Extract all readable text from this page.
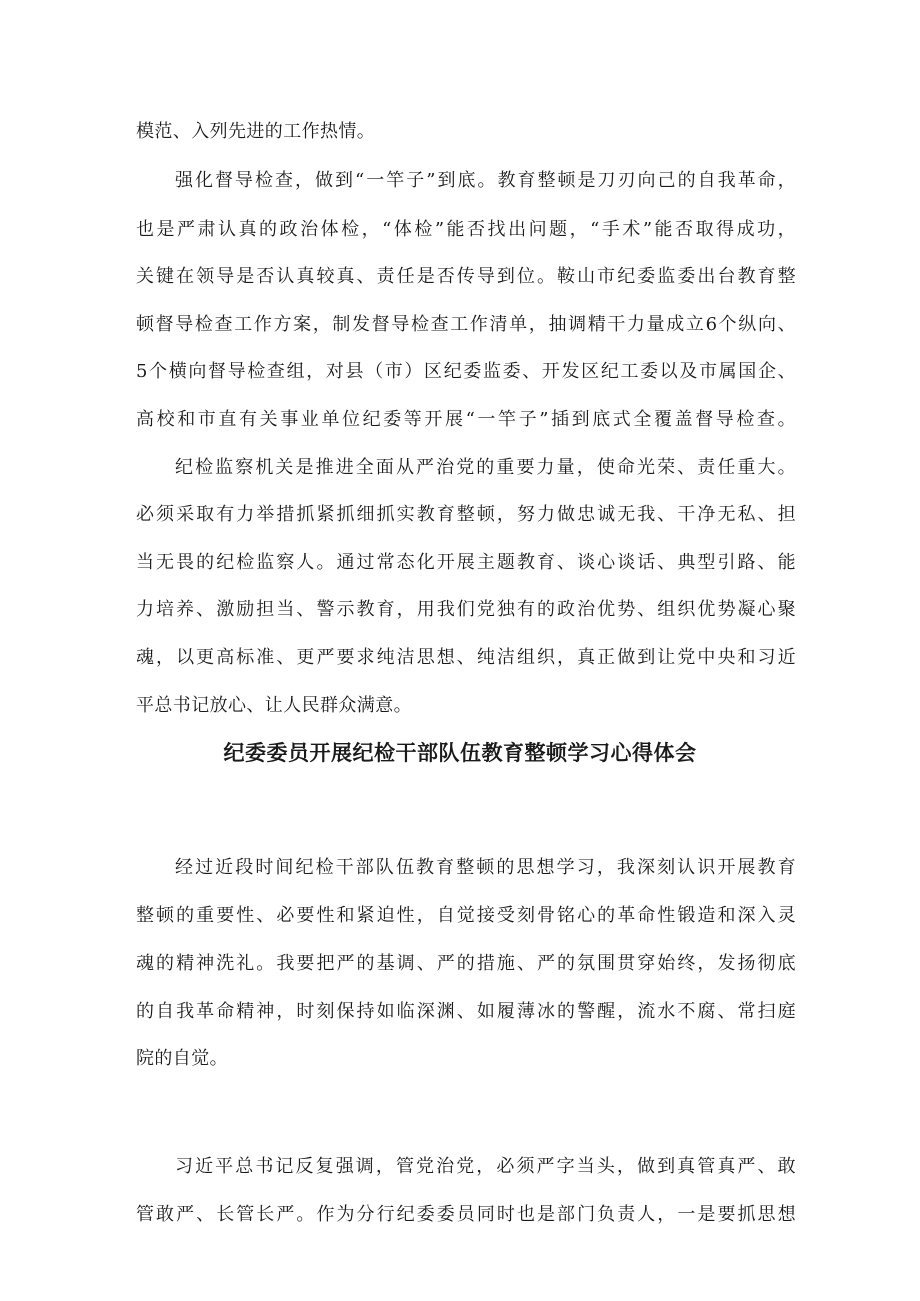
模范、入列先进的工作热情。
强化督导检查，做到“一竿子”到底。教育整顿是刀刃向己的自我革命，
也是严肃认真的政治体检，“体检”能否找出问题，“手术”能否取得成功，
关键在领导是否认真较真、责任是否传导到位。鞍山市纪委监委出台教育整
顿督导检查工作方案，制发督导检查工作清单，抽调精干力量成立6个纵向、
5个横向督导检查组，对县（市）区纪委监委、开发区纪工委以及市属国企、
高校和市直有关事业单位纪委等开展“一竿子”插到底式全覆盖督导检查。
纪检监察机关是推进全面从严治党的重要力量，使命光荣、责任重大。
必须采取有力举措抓紧抓细抓实教育整顿，努力做忠诚无我、干净无私、担
当无畏的纪检监察人。通过常态化开展主题教育、谈心谈话、典型引路、能
力培养、激励担当、警示教育，用我们党独有的政治优势、组织优势凝心聚
魂，以更高标准、更严要求纯洁思想、纯洁组织，真正做到让党中央和习近
平总书记放心、让人民群众满意。
纪委委员开展纪检干部队伍教育整顿学习心得体会
经过近段时间纪检干部队伍教育整顿的思想学习，我深刻认识开展教育
整顿的重要性、必要性和紧迫性，自觉接受刻骨铭心的革命性锻造和深入灵
魂的精神洗礼。我要把严的基调、严的措施、严的氛围贯穿始终，发扬彻底
的自我革命精神，时刻保持如临深渊、如履薄冰的警醒，流水不腐、常扫庭
院的自觉。
习近平总书记反复强调，管党治党，必须严字当头，做到真管真严、敢
管敢严、长管长严。作为分行纪委委员同时也是部门负责人，一是要抓思想
